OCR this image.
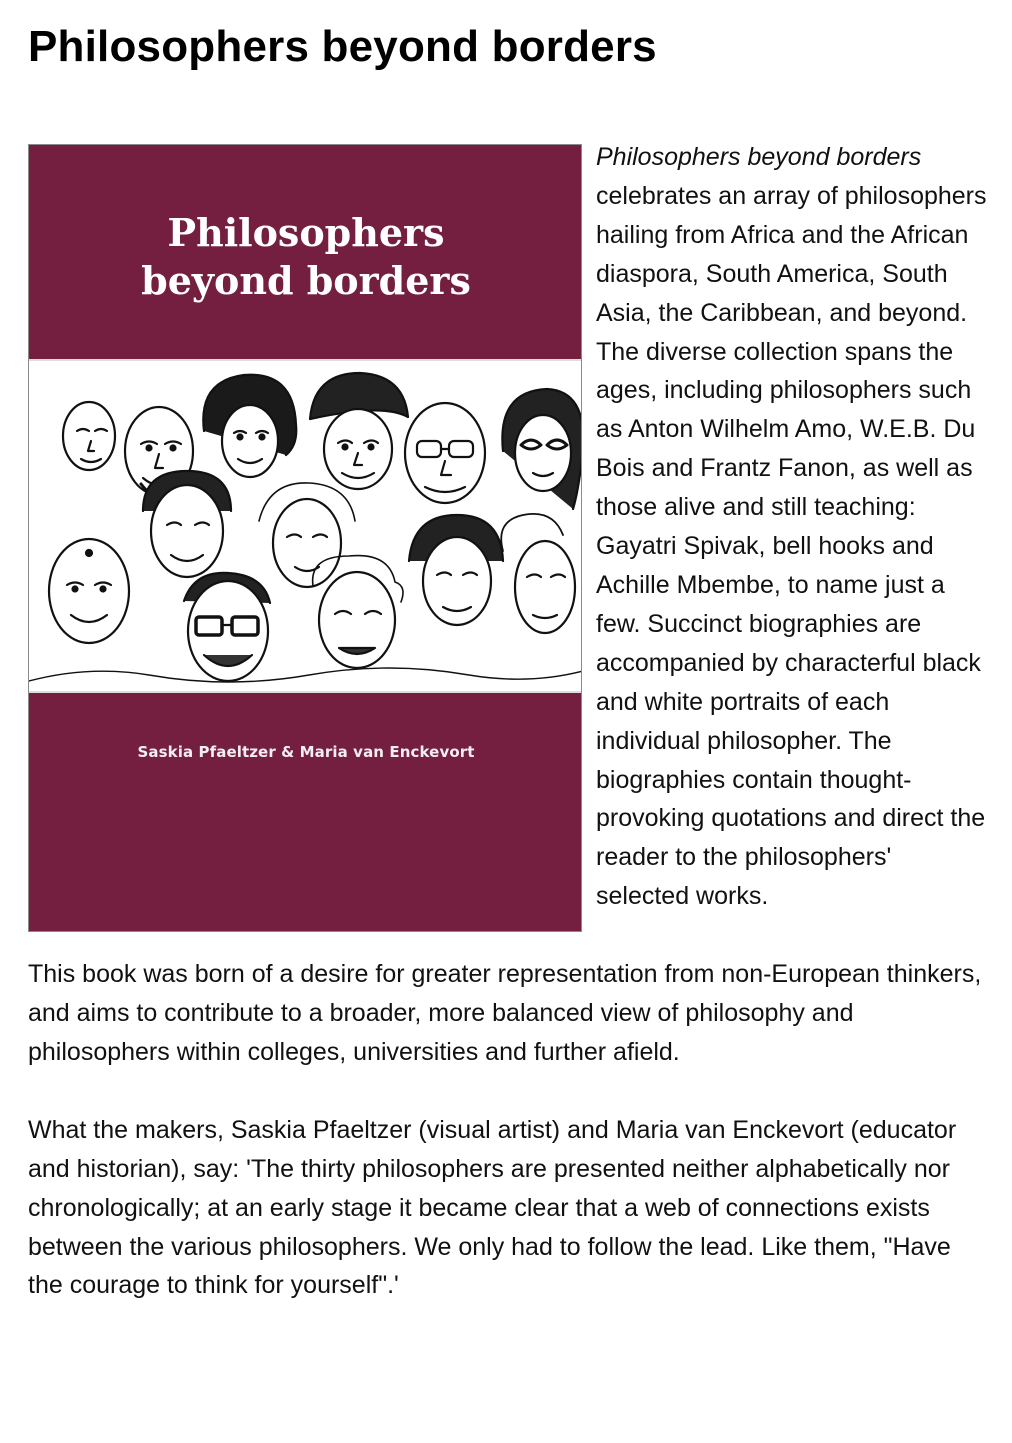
Philosophers beyond borders
Philosophers
beyond borders
Saskia Pfaeltzer & Maria van Enckevort

Philosophers beyond borders celebrates an array of philosophers hailing from Africa and the African diaspora, South America, South Asia, the Caribbean, and beyond. The diverse collection spans the ages, including philosophers such as Anton Wilhelm Amo, W.E.B. Du Bois and Frantz Fanon, as well as those alive and still teaching: Gayatri Spivak, bell hooks and Achille Mbembe, to name just a few. Succinct biographies are accompanied by characterful black and white portraits of each individual philosopher. The biographies contain thought-provoking quotations and direct the reader to the philosophers' selected works.

This book was born of a desire for greater representation from non-European thinkers, and aims to contribute to a broader, more balanced view of philosophy and philosophers within colleges, universities and further afield.

What the makers, Saskia Pfaeltzer (visual artist) and Maria van Enckevort (educator and historian), say: 'The thirty philosophers are presented neither alphabetically nor chronologically; at an early stage it became clear that a web of connections exists between the various philosophers. We only had to follow the lead. Like them, "Have the courage to think for yourself".'
